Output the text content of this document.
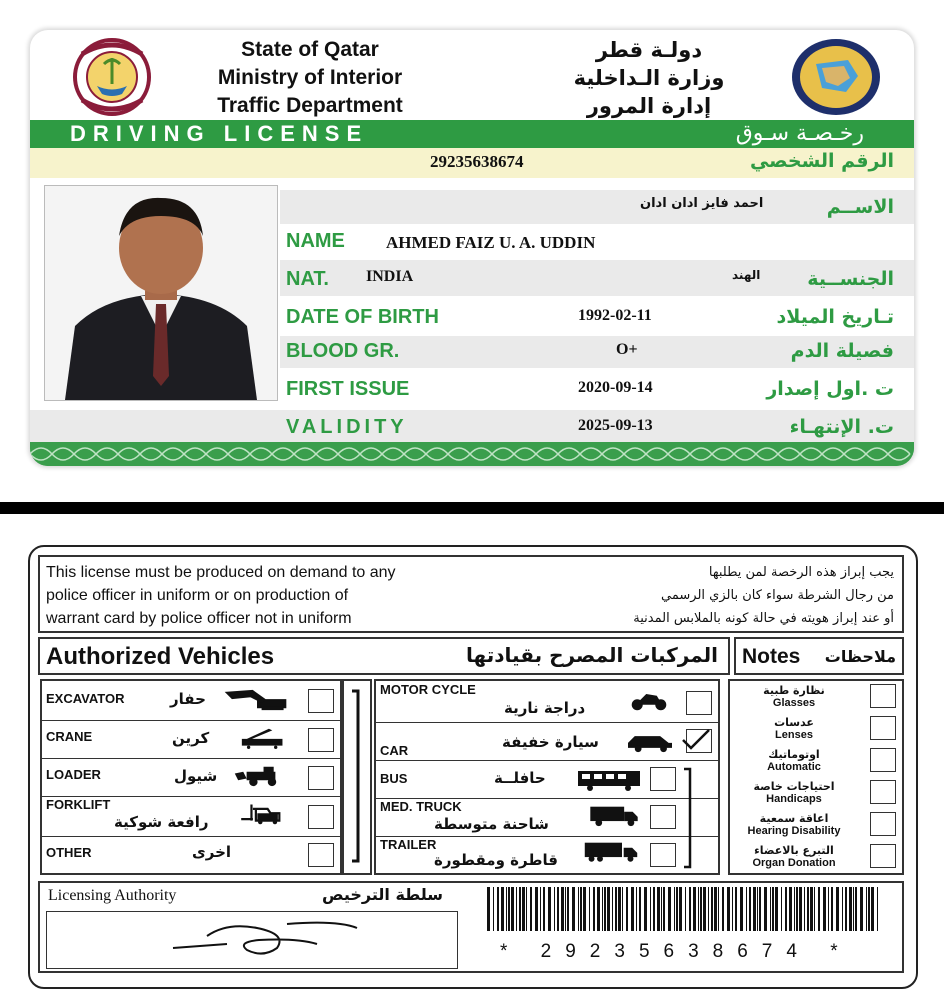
State of Qatar
Ministry of Interior
Traffic Department
دولـة قطر
وزارة الـداخلية
إدارة المرور
DRIVING LICENSE	رخـصـة سـوق
29235638674	الرقم الشخصي
احمد فايز ادان ادان	الاســم
NAME AHMED FAIZ U. A. UDDIN
NAT. INDIA	الهند الجنســية
DATE OF BIRTH	1992-02-11	تـاريخ الميلاد
BLOOD GR.	O+	فصيلة الدم
FIRST ISSUE	2020-09-14	ت .اول إصدار
VALIDITY	2025-09-13	ت. الإنتهـاء
This license must be produced on demand to any
police officer in uniform or on production of
warrant card by police officer not in uniform
يجب إبراز هذه الرخصة لمن يطلبها
من رجال الشرطة سواء كان بالزي الرسمي
أو عند إبراز هويته في حالة كونه بالملابس المدنية
Authorized Vehicles	المركبات المصرح بقيادتها Notes ملاحظات
EXCAVATOR	حفار
CRANE	كرين
LOADER	شيول
FORKLIFT
رافعة شوكية
OTHER	اخرى
MOTOR CYCLE
دراجة نارية
CAR	سيارة خفيفة
BUS	حافلــة
MED. TRUCK
شاحنة متوسطة
TRAILER
قاطرة ومقطورة
نظارة طبية
Glasses
عدسات
Lenses
اوتوماتيك
Automatic
احتياجات خاصة
Handicaps
اعاقة سمعية
Hearing Disability
التبرع بالاعضاء
Organ Donation
Licensing Authority	سلطة الترخيص
* 29235638674 *
